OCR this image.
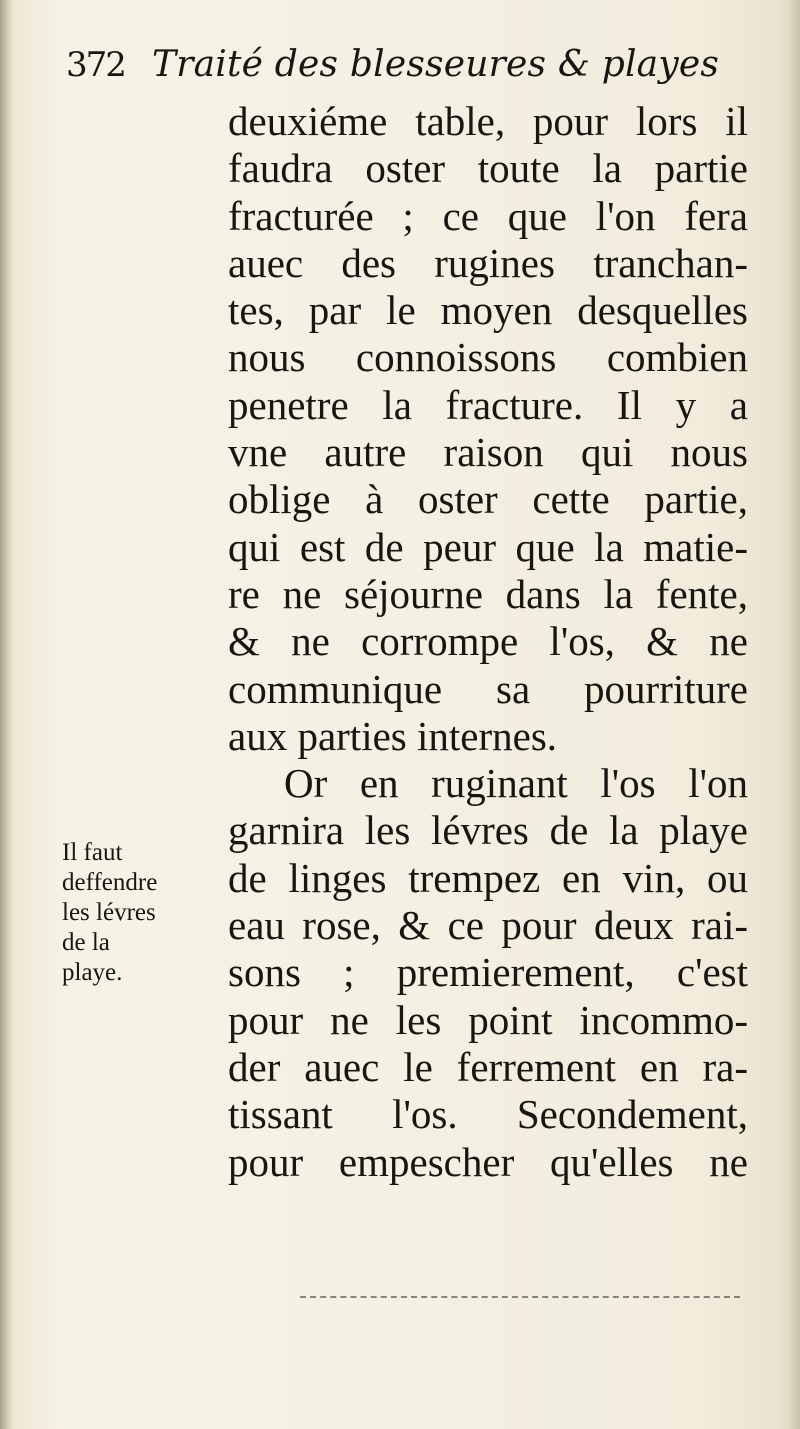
372 Traité des blesseures & playes
deuxiéme table, pour lors il
faudra oster toute la partie
fracturée ; ce que l'on fera
auec des rugines tranchan-
tes, par le moyen desquelles
nous connoissons combien
penetre la fracture. Il y a
vne autre raison qui nous
oblige à oster cette partie,
qui est de peur que la matie-
re ne séjourne dans la fente,
& ne corrompe l'os, & ne
communique sa pourriture
aux parties internes.
Or en ruginant l'os l'on
garnira les lévres de la playe
de linges trempez en vin, ou
eau rose, & ce pour deux rai-
sons ; premierement, c'est
pour ne les point incommo-
der auec le ferrement en ra-
tissant l'os. Secondement,
pour empescher qu'elles ne
Il faut
deffendre
les lévres
de la
playe.
